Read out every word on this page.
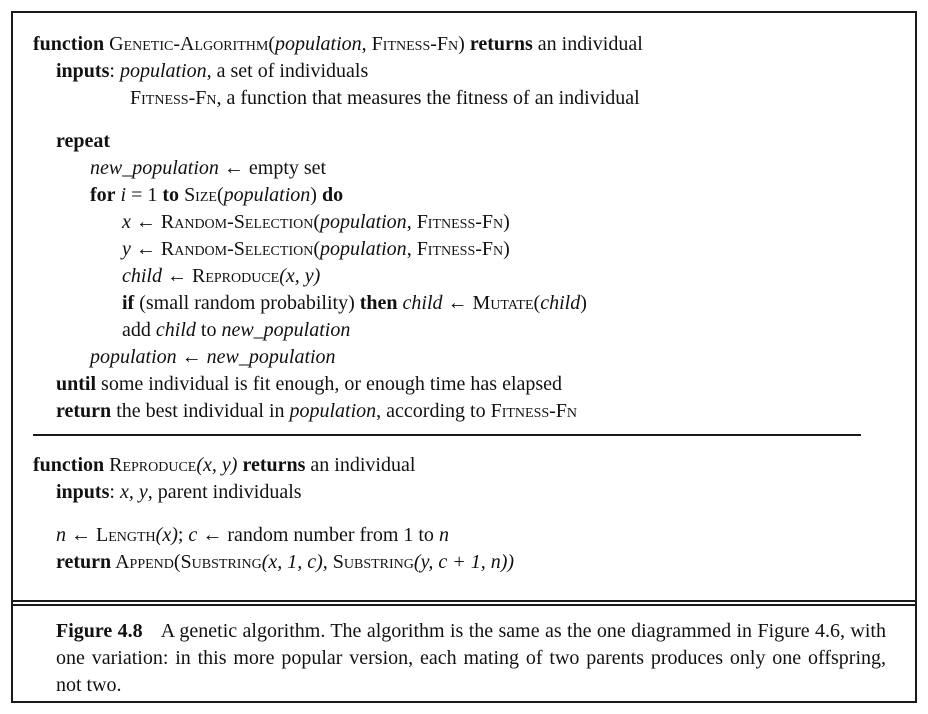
function Genetic-Algorithm(population, Fitness-Fn) returns an individual
inputs: population, a set of individuals
Fitness-Fn, a function that measures the fitness of an individual
repeat
new_population ← empty set
for i = 1 to Size(population) do
x ← Random-Selection(population, Fitness-Fn)
y ← Random-Selection(population, Fitness-Fn)
child ← Reproduce(x, y)
if (small random probability) then child ← Mutate(child)
add child to new_population
population ← new_population
until some individual is fit enough, or enough time has elapsed
return the best individual in population, according to Fitness-Fn
function Reproduce(x, y) returns an individual
inputs: x, y, parent individuals
n ← Length(x); c ← random number from 1 to n
return Append(Substring(x, 1, c), Substring(y, c + 1, n))
Figure 4.8 A genetic algorithm. The algorithm is the same as the one diagrammed in Figure 4.6, with one variation: in this more popular version, each mating of two parents produces only one offspring, not two.
